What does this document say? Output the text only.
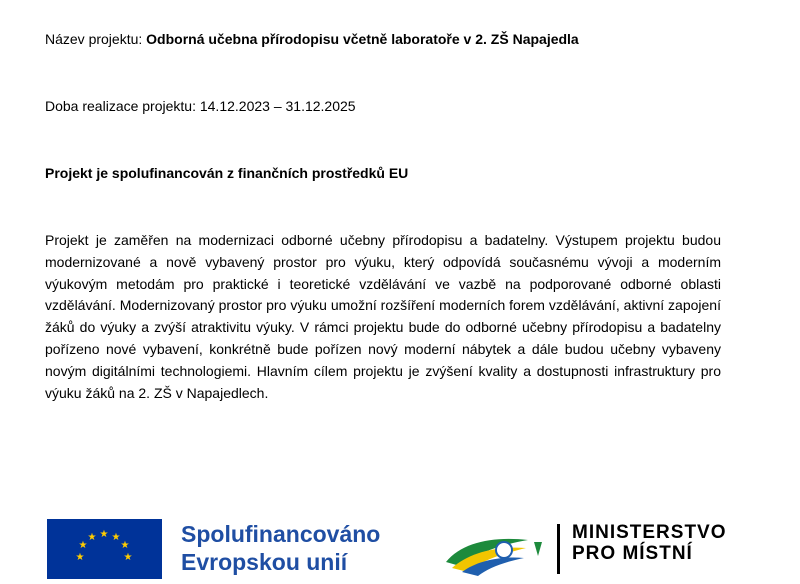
Název projektu: Odborná učebna přírodopisu včetně laboratoře v 2. ZŠ Napajedla
Doba realizace projektu: 14.12.2023 – 31.12.2025
Projekt je spolufinancován z finančních prostředků EU
Projekt je zaměřen na modernizaci odborné učebny přírodopisu a badatelny. Výstupem projektu budou modernizované a nově vybavený prostor pro výuku, který odpovídá současnému vývoji a moderním výukovým metodám pro praktické i teoretické vzdělávání ve vazbě na podporované odborné oblasti vzdělávání. Modernizovaný prostor pro výuku umožní rozšíření moderních forem vzdělávání, aktivní zapojení žáků do výuky a zvýší atraktivitu výuky. V rámci projektu bude do odborné učebny přírodopisu a badatelny pořízeno nové vybavení, konkrétně bude pořízen nový moderní nábytek a dále budou učebny vybaveny novým digitálními technologiemi. Hlavním cílem projektu je zvýšení kvality a dostupnosti infrastruktury pro výuku žáků na 2. ZŠ v Napajedlech.
★ ★
★
★
★
★
★
Spolufinancováno
Evropskou unií
MINISTERSTVO
PRO MÍSTNÍ
